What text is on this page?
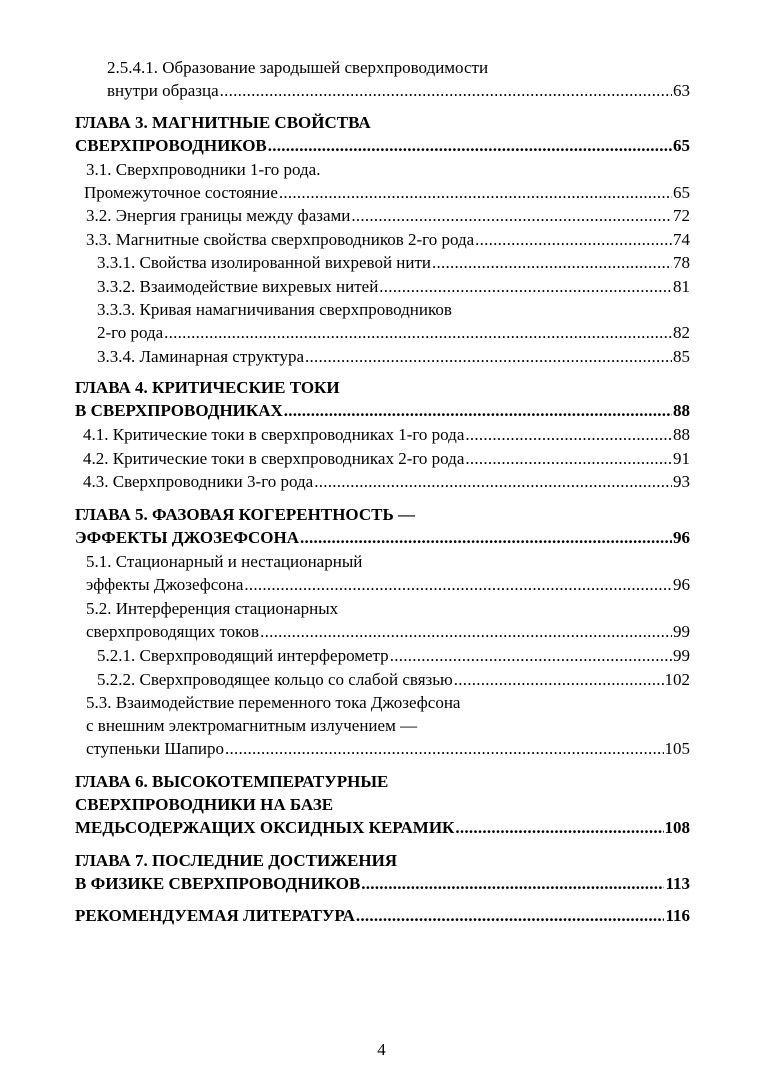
2.5.4.1. Образование зародышей сверхпроводимости
внутри образца . . .	63
ГЛАВА 3. МАГНИТНЫЕ СВОЙСТВА
СВЕРХПРОВОДНИКОВ . . .	65
3.1. Сверхпроводники 1-го рода.
Промежуточное состояние . . .	65
3.2. Энергия границы между фазами . . .	72
3.3. Магнитные свойства сверхпроводников 2-го рода . . .	74
3.3.1. Свойства изолированной вихревой нити . . .	78
3.3.2. Взаимодействие вихревых нитей . . .	81
3.3.3. Кривая намагничивания сверхпроводников
2-го рода . . .	82
3.3.4. Ламинарная структура . . .	85
ГЛАВА 4. КРИТИЧЕСКИЕ ТОКИ
В СВЕРХПРОВОДНИКАХ . . .	88
4.1. Критические токи в сверхпроводниках 1-го рода . . .	88
4.2. Критические токи в сверхпроводниках 2-го рода . . .	91
4.3. Сверхпроводники 3-го рода . . .	93
ГЛАВА 5. ФАЗОВАЯ КОГЕРЕНТНОСТЬ —
ЭФФЕКТЫ ДЖОЗЕФСОНА . . .	96
5.1. Стационарный и нестационарный
эффекты Джозефсона . . .	96
5.2. Интерференция стационарных
сверхпроводящих токов . . .	99
5.2.1. Сверхпроводящий интерферометр . . .	99
5.2.2. Сверхпроводящее кольцо со слабой связью . . .	102
5.3. Взаимодействие переменного тока Джозефсона
с внешним электромагнитным излучением —
ступеньки Шапиро . . .	105
ГЛАВА 6. ВЫСОКОТЕМПЕРАТУРНЫЕ
СВЕРХПРОВОДНИКИ НА БАЗЕ
МЕДЬСОДЕРЖАЩИХ ОКСИДНЫХ КЕРАМИК . . .	108
ГЛАВА 7. ПОСЛЕДНИЕ ДОСТИЖЕНИЯ
В ФИЗИКЕ СВЕРХПРОВОДНИКОВ . . .	113
РЕКОМЕНДУЕМАЯ ЛИТЕРАТУРА . . .	116
4
